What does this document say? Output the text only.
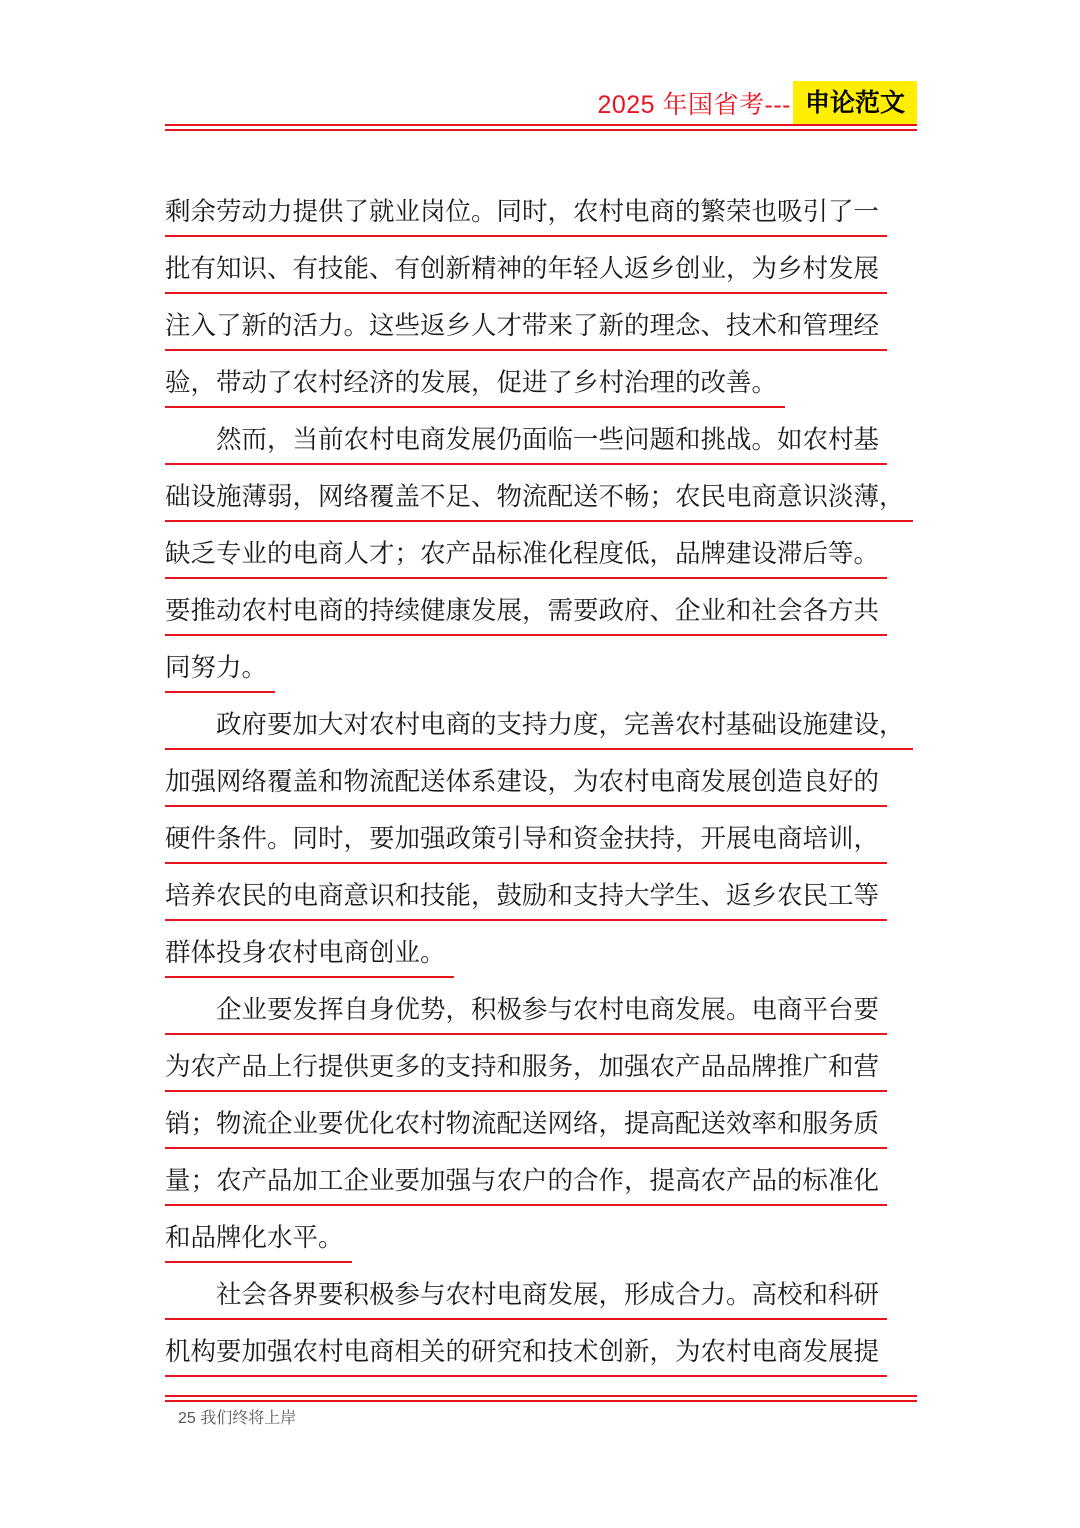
2025 年国省考--- 申论范文
剩余劳动力提供了就业岗位。同时，农村电商的繁荣也吸引了一
批有知识、有技能、有创新精神的年轻人返乡创业，为乡村发展
注入了新的活力。这些返乡人才带来了新的理念、技术和管理经
验，带动了农村经济的发展，促进了乡村治理的改善。
　　然而，当前农村电商发展仍面临一些问题和挑战。如农村基
础设施薄弱，网络覆盖不足、物流配送不畅；农民电商意识淡薄，
缺乏专业的电商人才；农产品标准化程度低，品牌建设滞后等。
要推动农村电商的持续健康发展，需要政府、企业和社会各方共
同努力。
　　政府要加大对农村电商的支持力度，完善农村基础设施建设，
加强网络覆盖和物流配送体系建设，为农村电商发展创造良好的
硬件条件。同时，要加强政策引导和资金扶持，开展电商培训，
培养农民的电商意识和技能，鼓励和支持大学生、返乡农民工等
群体投身农村电商创业。
　　企业要发挥自身优势，积极参与农村电商发展。电商平台要
为农产品上行提供更多的支持和服务，加强农产品品牌推广和营
销；物流企业要优化农村物流配送网络，提高配送效率和服务质
量；农产品加工企业要加强与农户的合作，提高农产品的标准化
和品牌化水平。
　　社会各界要积极参与农村电商发展，形成合力。高校和科研
机构要加强农村电商相关的研究和技术创新，为农村电商发展提
25 我们终将上岸
